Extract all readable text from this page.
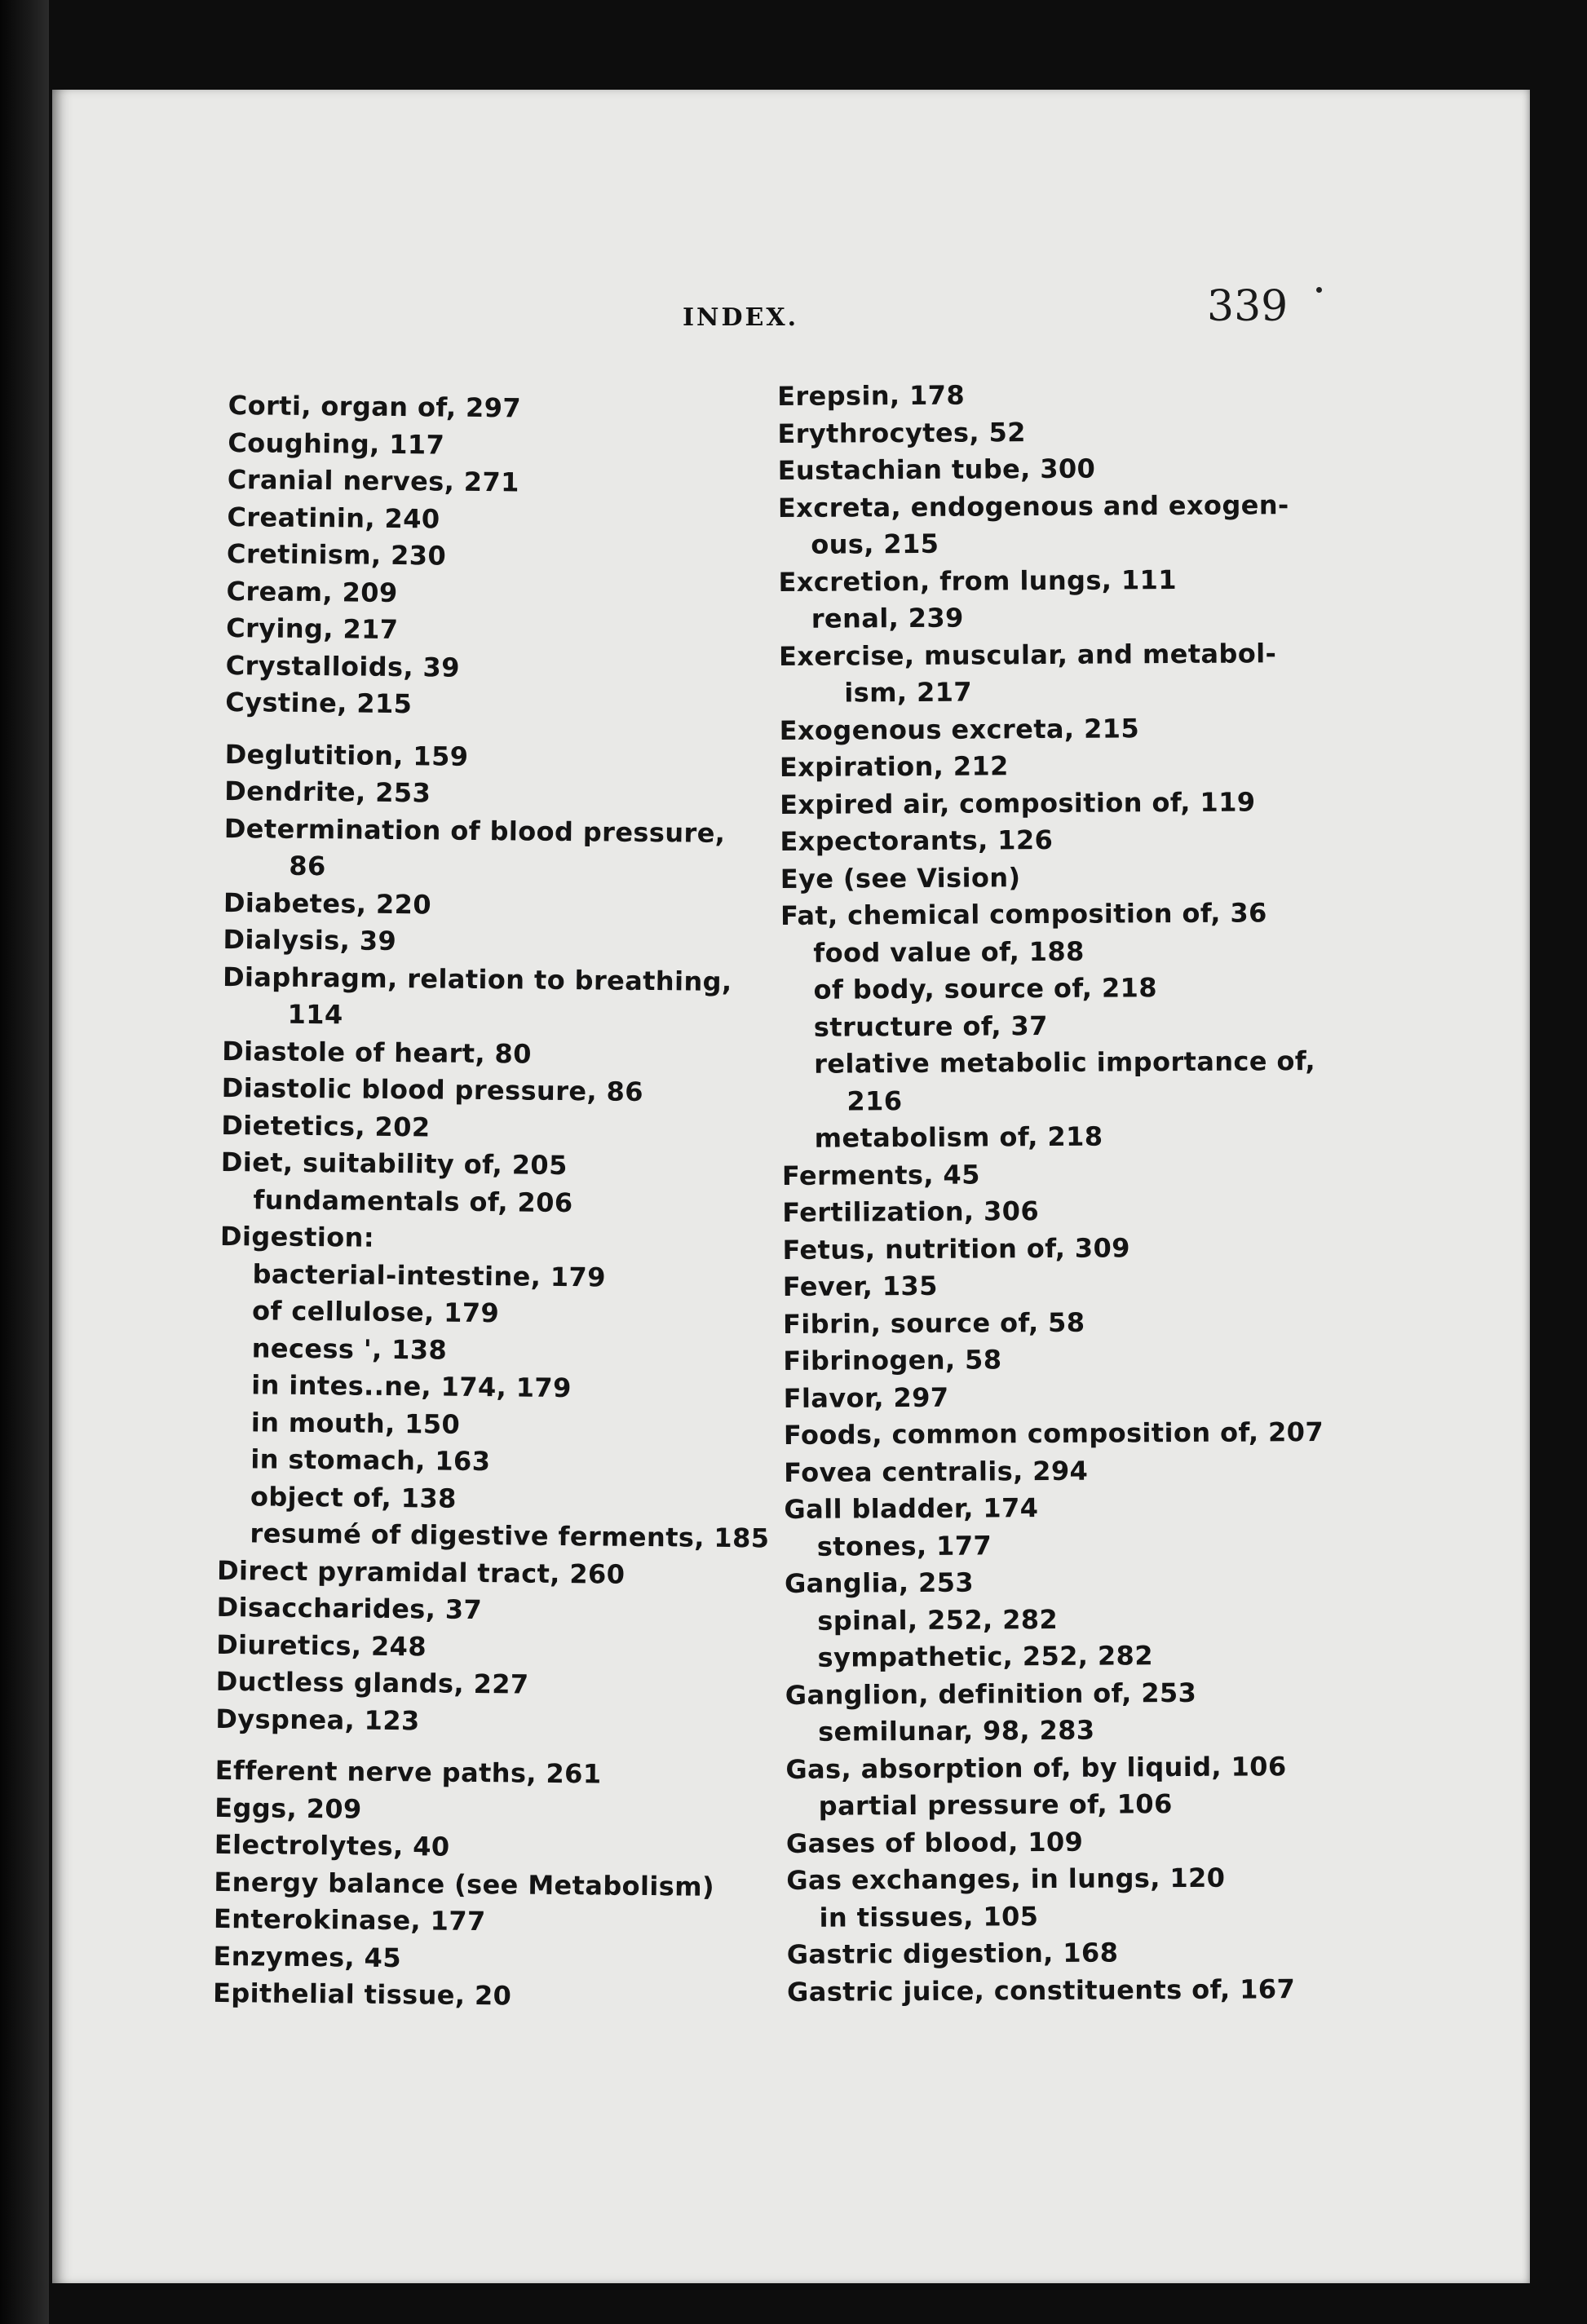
INDEX.	339
Corti, organ of, 297
Coughing, 117
Cranial nerves, 271
Creatinin, 240
Cretinism, 230
Cream, 209
Crying, 217
Crystalloids, 39
Cystine, 215
Deglutition, 159
Dendrite, 253
Determination of blood pressure,
86
Diabetes, 220
Dialysis, 39
Diaphragm, relation to breathing,
114
Diastole of heart, 80
Diastolic blood pressure, 86
Dietetics, 202
Diet, suitability of, 205
fundamentals of, 206
Digestion:
bacterial-intestine, 179
of cellulose, 179
necess ', 138
in intes..ne, 174, 179
in mouth, 150
in stomach, 163
object of, 138
resumé of digestive ferments, 185
Direct pyramidal tract, 260
Disaccharides, 37
Diuretics, 248
Ductless glands, 227
Dyspnea, 123
Efferent nerve paths, 261
Eggs, 209
Electrolytes, 40
Energy balance (see Metabolism)
Enterokinase, 177
Enzymes, 45
Epithelial tissue, 20
Erepsin, 178
Erythrocytes, 52
Eustachian tube, 300
Excreta, endogenous and exogen-
ous, 215
Excretion, from lungs, 111
renal, 239
Exercise, muscular, and metabol-
ism, 217
Exogenous excreta, 215
Expiration, 212
Expired air, composition of, 119
Expectorants, 126
Eye (see Vision)
Fat, chemical composition of, 36
food value of, 188
of body, source of, 218
structure of, 37
relative metabolic importance of,
216
metabolism of, 218
Ferments, 45
Fertilization, 306
Fetus, nutrition of, 309
Fever, 135
Fibrin, source of, 58
Fibrinogen, 58
Flavor, 297
Foods, common composition of, 207
Fovea centralis, 294
Gall bladder, 174
stones, 177
Ganglia, 253
spinal, 252, 282
sympathetic, 252, 282
Ganglion, definition of, 253
semilunar, 98, 283
Gas, absorption of, by liquid, 106
partial pressure of, 106
Gases of blood, 109
Gas exchanges, in lungs, 120
in tissues, 105
Gastric digestion, 168
Gastric juice, constituents of, 167
